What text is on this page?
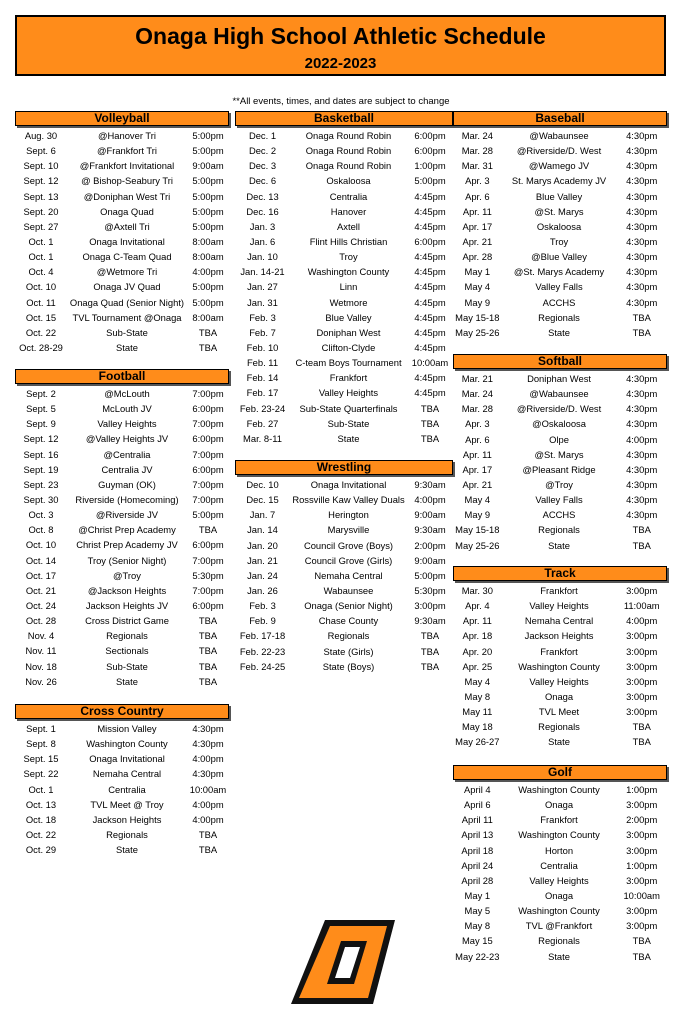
Onaga High School Athletic Schedule
2022-2023
**All events, times, and dates are subject to change
Volleyball
Aug. 30	@Hanover Tri	5:00pm
Sept. 6	@Frankfort Tri	5:00pm
Sept. 10	@Frankfort Invitational	9:00am
Sept. 12	@ Bishop-Seabury Tri	5:00pm
Sept. 13	@Doniphan West Tri	5:00pm
Sept. 20	Onaga Quad	5:00pm
Sept. 27	@Axtell Tri	5:00pm
Oct. 1	Onaga Invitational	8:00am
Oct. 1	Onaga C-Team Quad	8:00am
Oct. 4	@Wetmore Tri	4:00pm
Oct. 10	Onaga JV Quad	5:00pm
Oct. 11	Onaga Quad (Senior Night) 5:00pm
Oct. 15	TVL Tournament @Onaga	8:00am
Oct. 22	Sub-State	TBA
Oct. 28-29	State	TBA
Football
Sept. 2	@McLouth	7:00pm
Sept. 5	McLouth JV	6:00pm
Sept. 9	Valley Heights	7:00pm
Sept. 12	@Valley Heights JV	6:00pm
Sept. 16	@Centralia	7:00pm
Sept. 19	Centralia JV	6:00pm
Sept. 23	Guyman (OK)	7:00pm
Sept. 30	Riverside (Homecoming)	7:00pm
Oct. 3	@Riverside JV	5:00pm
Oct. 8	@Christ Prep Academy	TBA
Oct. 10	Christ Prep Academy JV	6:00pm
Oct. 14	Troy (Senior Night)	7:00pm
Oct. 17	@Troy	5:30pm
Oct. 21	@Jackson Heights	7:00pm
Oct. 24	Jackson Heights JV	6:00pm
Oct. 28	Cross District Game	TBA
Nov. 4	Regionals	TBA
Nov. 11	Sectionals	TBA
Nov. 18	Sub-State	TBA
Nov. 26	State	TBA
Cross Country
Sept. 1	Mission Valley	4:30pm
Sept. 8	Washington County	4:30pm
Sept. 15	Onaga Invitational	4:00pm
Sept. 22	Nemaha Central	4:30pm
Oct. 1	Centralia	10:00am
Oct. 13	TVL Meet @ Troy	4:00pm
Oct. 18	Jackson Heights	4:00pm
Oct. 22	Regionals	TBA
Oct. 29	State	TBA
Basketball
Dec. 1	Onaga Round Robin	6:00pm
Dec. 2	Onaga Round Robin	6:00pm
Dec. 3	Onaga Round Robin	1:00pm
Dec. 6	Oskaloosa	5:00pm
Dec. 13	Centralia	4:45pm
Dec. 16	Hanover	4:45pm
Jan. 3	Axtell	4:45pm
Jan. 6	Flint Hills Christian	6:00pm
Jan. 10	Troy	4:45pm
Jan. 14-21	Washington County	4:45pm
Jan. 27	Linn	4:45pm
Jan. 31	Wetmore	4:45pm
Feb. 3	Blue Valley	4:45pm
Feb. 7	Doniphan West	4:45pm
Feb. 10	Clifton-Clyde	4:45pm
Feb. 11	C-team Boys Tournament	10:00am
Feb. 14	Frankfort	4:45pm
Feb. 17	Valley Heights	4:45pm
Feb. 23-24	Sub-State Quarterfinals	TBA
Feb. 27	Sub-State	TBA
Mar. 8-11	State	TBA
Wrestling
Dec. 10	Onaga Invitational	9:30am
Dec. 15	Rossville Kaw Valley Duals	4:00pm
Jan. 7	Herington	9:00am
Jan. 14	Marysville	9:30am
Jan. 20	Council Grove (Boys)	2:00pm
Jan. 21	Council Grove (Girls)	9:00am
Jan. 24	Nemaha Central	5:00pm
Jan. 26	Wabaunsee	5:30pm
Feb. 3	Onaga (Senior Night)	3:00pm
Feb. 9	Chase County	9:30am
Feb. 17-18	Regionals	TBA
Feb. 22-23	State (Girls)	TBA
Feb. 24-25	State (Boys)	TBA
Baseball
Mar. 24	@Wabaunsee	4:30pm
Mar. 28	@Riverside/D. West	4:30pm
Mar. 31	@Wamego JV	4:30pm
Apr. 3	St. Marys Academy JV	4:30pm
Apr. 6	Blue Valley	4:30pm
Apr. 11	@St. Marys	4:30pm
Apr. 17	Oskaloosa	4:30pm
Apr. 21	Troy	4:30pm
Apr. 28	@Blue Valley	4:30pm
May 1	@St. Marys Academy	4:30pm
May 4	Valley Falls	4:30pm
May 9	ACCHS	4:30pm
May 15-18	Regionals	TBA
May 25-26	State	TBA
Softball
Mar. 21	Doniphan West	4:30pm
Mar. 24	@Wabaunsee	4:30pm
Mar. 28	@Riverside/D. West	4:30pm
Apr. 3	@Oskaloosa	4:30pm
Apr. 6	Olpe	4:00pm
Apr. 11	@St. Marys	4:30pm
Apr. 17	@Pleasant Ridge	4:30pm
Apr. 21	@Troy	4:30pm
May 4	Valley Falls	4:30pm
May 9	ACCHS	4:30pm
May 15-18	Regionals	TBA
May 25-26	State	TBA
Track
Mar. 30	Frankfort	3:00pm
Apr. 4	Valley Heights	11:00am
Apr. 11	Nemaha Central	4:00pm
Apr. 18	Jackson Heights	3:00pm
Apr. 20	Frankfort	3:00pm
Apr. 25	Washington County	3:00pm
May 4	Valley Heights	3:00pm
May 8	Onaga	3:00pm
May 11	TVL Meet	3:00pm
May 18	Regionals	TBA
May 26-27	State	TBA
Golf
April 4	Washington County	1:00pm
April 6	Onaga	3:00pm
April 11	Frankfort	2:00pm
April 13	Washington County	3:00pm
April 18	Horton	3:00pm
April 24	Centralia	1:00pm
April 28	Valley Heights	3:00pm
May 1	Onaga	10:00am
May 5	Washington County	3:00pm
May 8	TVL @Frankfort	3:00pm
May 15	Regionals	TBA
May 22-23	State	TBA
